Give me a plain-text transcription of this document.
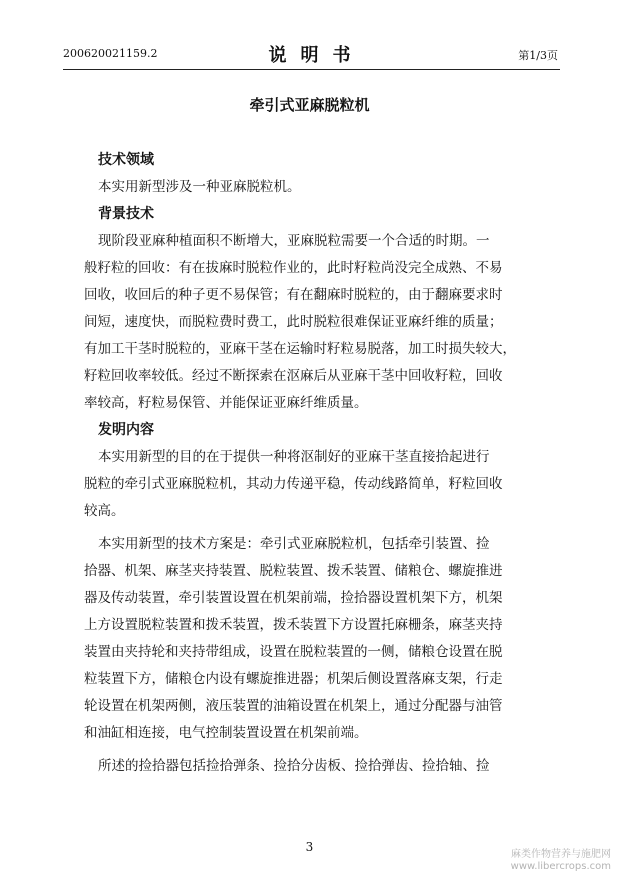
200620021159.2	说明书	第1/3页
牵引式亚麻脱粒机
技术领域
本实用新型涉及一种亚麻脱粒机。
背景技术
现阶段亚麻种植面积不断增大，亚麻脱粒需要一个合适的时期。一
般籽粒的回收：有在拔麻时脱粒作业的，此时籽粒尚没完全成熟、不易
回收，收回后的种子更不易保管；有在翻麻时脱粒的，由于翻麻要求时
间短，速度快，而脱粒费时费工，此时脱粒很难保证亚麻纤维的质量；
有加工干茎时脱粒的，亚麻干茎在运输时籽粒易脱落，加工时损失较大，
籽粒回收率较低。经过不断探索在沤麻后从亚麻干茎中回收籽粒，回收
率较高，籽粒易保管、并能保证亚麻纤维质量。
发明内容
本实用新型的目的在于提供一种将沤制好的亚麻干茎直接拾起进行
脱粒的牵引式亚麻脱粒机，其动力传递平稳，传动线路简单，籽粒回收
较高。
本实用新型的技术方案是：牵引式亚麻脱粒机，包括牵引装置、捡
拾器、机架、麻茎夹持装置、脱粒装置、拨禾装置、储粮仓、螺旋推进
器及传动装置，牵引装置设置在机架前端，捡拾器设置机架下方，机架
上方设置脱粒装置和拨禾装置，拨禾装置下方设置托麻栅条，麻茎夹持
装置由夹持轮和夹持带组成，设置在脱粒装置的一侧，储粮仓设置在脱
粒装置下方，储粮仓内设有螺旋推进器；机架后侧设置落麻支架，行走
轮设置在机架两侧，液压装置的油箱设置在机架上，通过分配器与油管
和油缸相连接，电气控制装置设置在机架前端。
所述的捡拾器包括捡拾弹条、捡拾分齿板、捡拾弹齿、捡拾轴、捡
3
麻类作物营养与施肥网
www.libercrops.com
